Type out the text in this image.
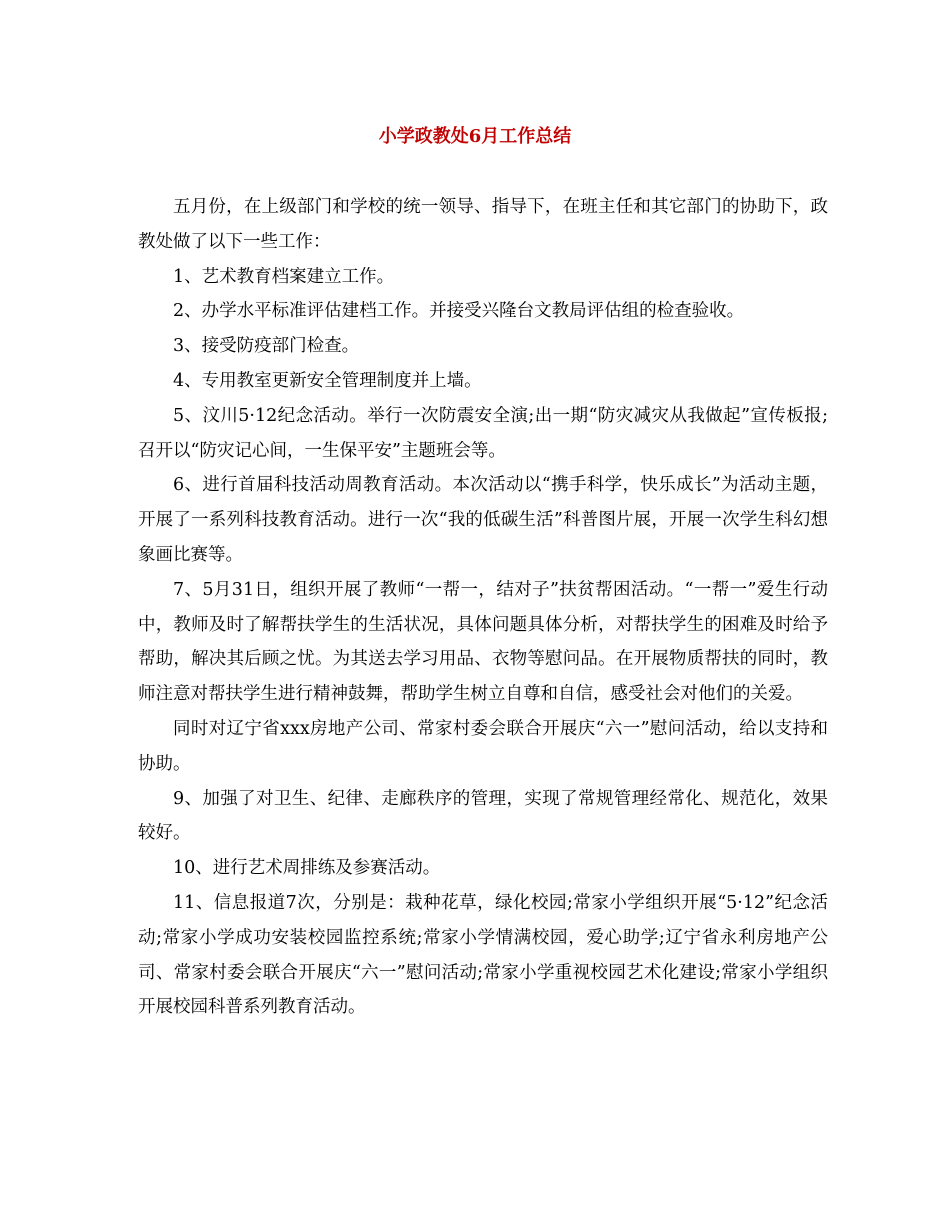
小学政教处6月工作总结

五月份，在上级部门和学校的统一领导、指导下，在班主任和其它部门的协助下，政教处做了以下一些工作：

1、艺术教育档案建立工作。

2、办学水平标准评估建档工作。并接受兴隆台文教局评估组的检查验收。

3、接受防疫部门检查。

4、专用教室更新安全管理制度并上墙。

5、汶川5·12纪念活动。举行一次防震安全演;出一期“防灾减灾从我做起”宣传板报;召开以“防灾记心间，一生保平安”主题班会等。

6、进行首届科技活动周教育活动。本次活动以“携手科学，快乐成长”为活动主题，开展了一系列科技教育活动。进行一次“我的低碳生活”科普图片展，开展一次学生科幻想象画比赛等。

7、5月31日，组织开展了教师“一帮一，结对子”扶贫帮困活动。“一帮一”爱生行动中，教师及时了解帮扶学生的生活状况，具体问题具体分析，对帮扶学生的困难及时给予帮助，解决其后顾之忧。为其送去学习用品、衣物等慰问品。在开展物质帮扶的同时，教师注意对帮扶学生进行精神鼓舞，帮助学生树立自尊和自信，感受社会对他们的关爱。

同时对辽宁省xxx房地产公司、常家村委会联合开展庆“六一”慰问活动，给以支持和协助。

9、加强了对卫生、纪律、走廊秩序的管理，实现了常规管理经常化、规范化，效果较好。

10、进行艺术周排练及参赛活动。

11、信息报道7次，分别是：栽种花草，绿化校园;常家小学组织开展“5·12”纪念活动;常家小学成功安装校园监控系统;常家小学情满校园，爱心助学;辽宁省永利房地产公司、常家村委会联合开展庆“六一”慰问活动;常家小学重视校园艺术化建设;常家小学组织开展校园科普系列教育活动。
